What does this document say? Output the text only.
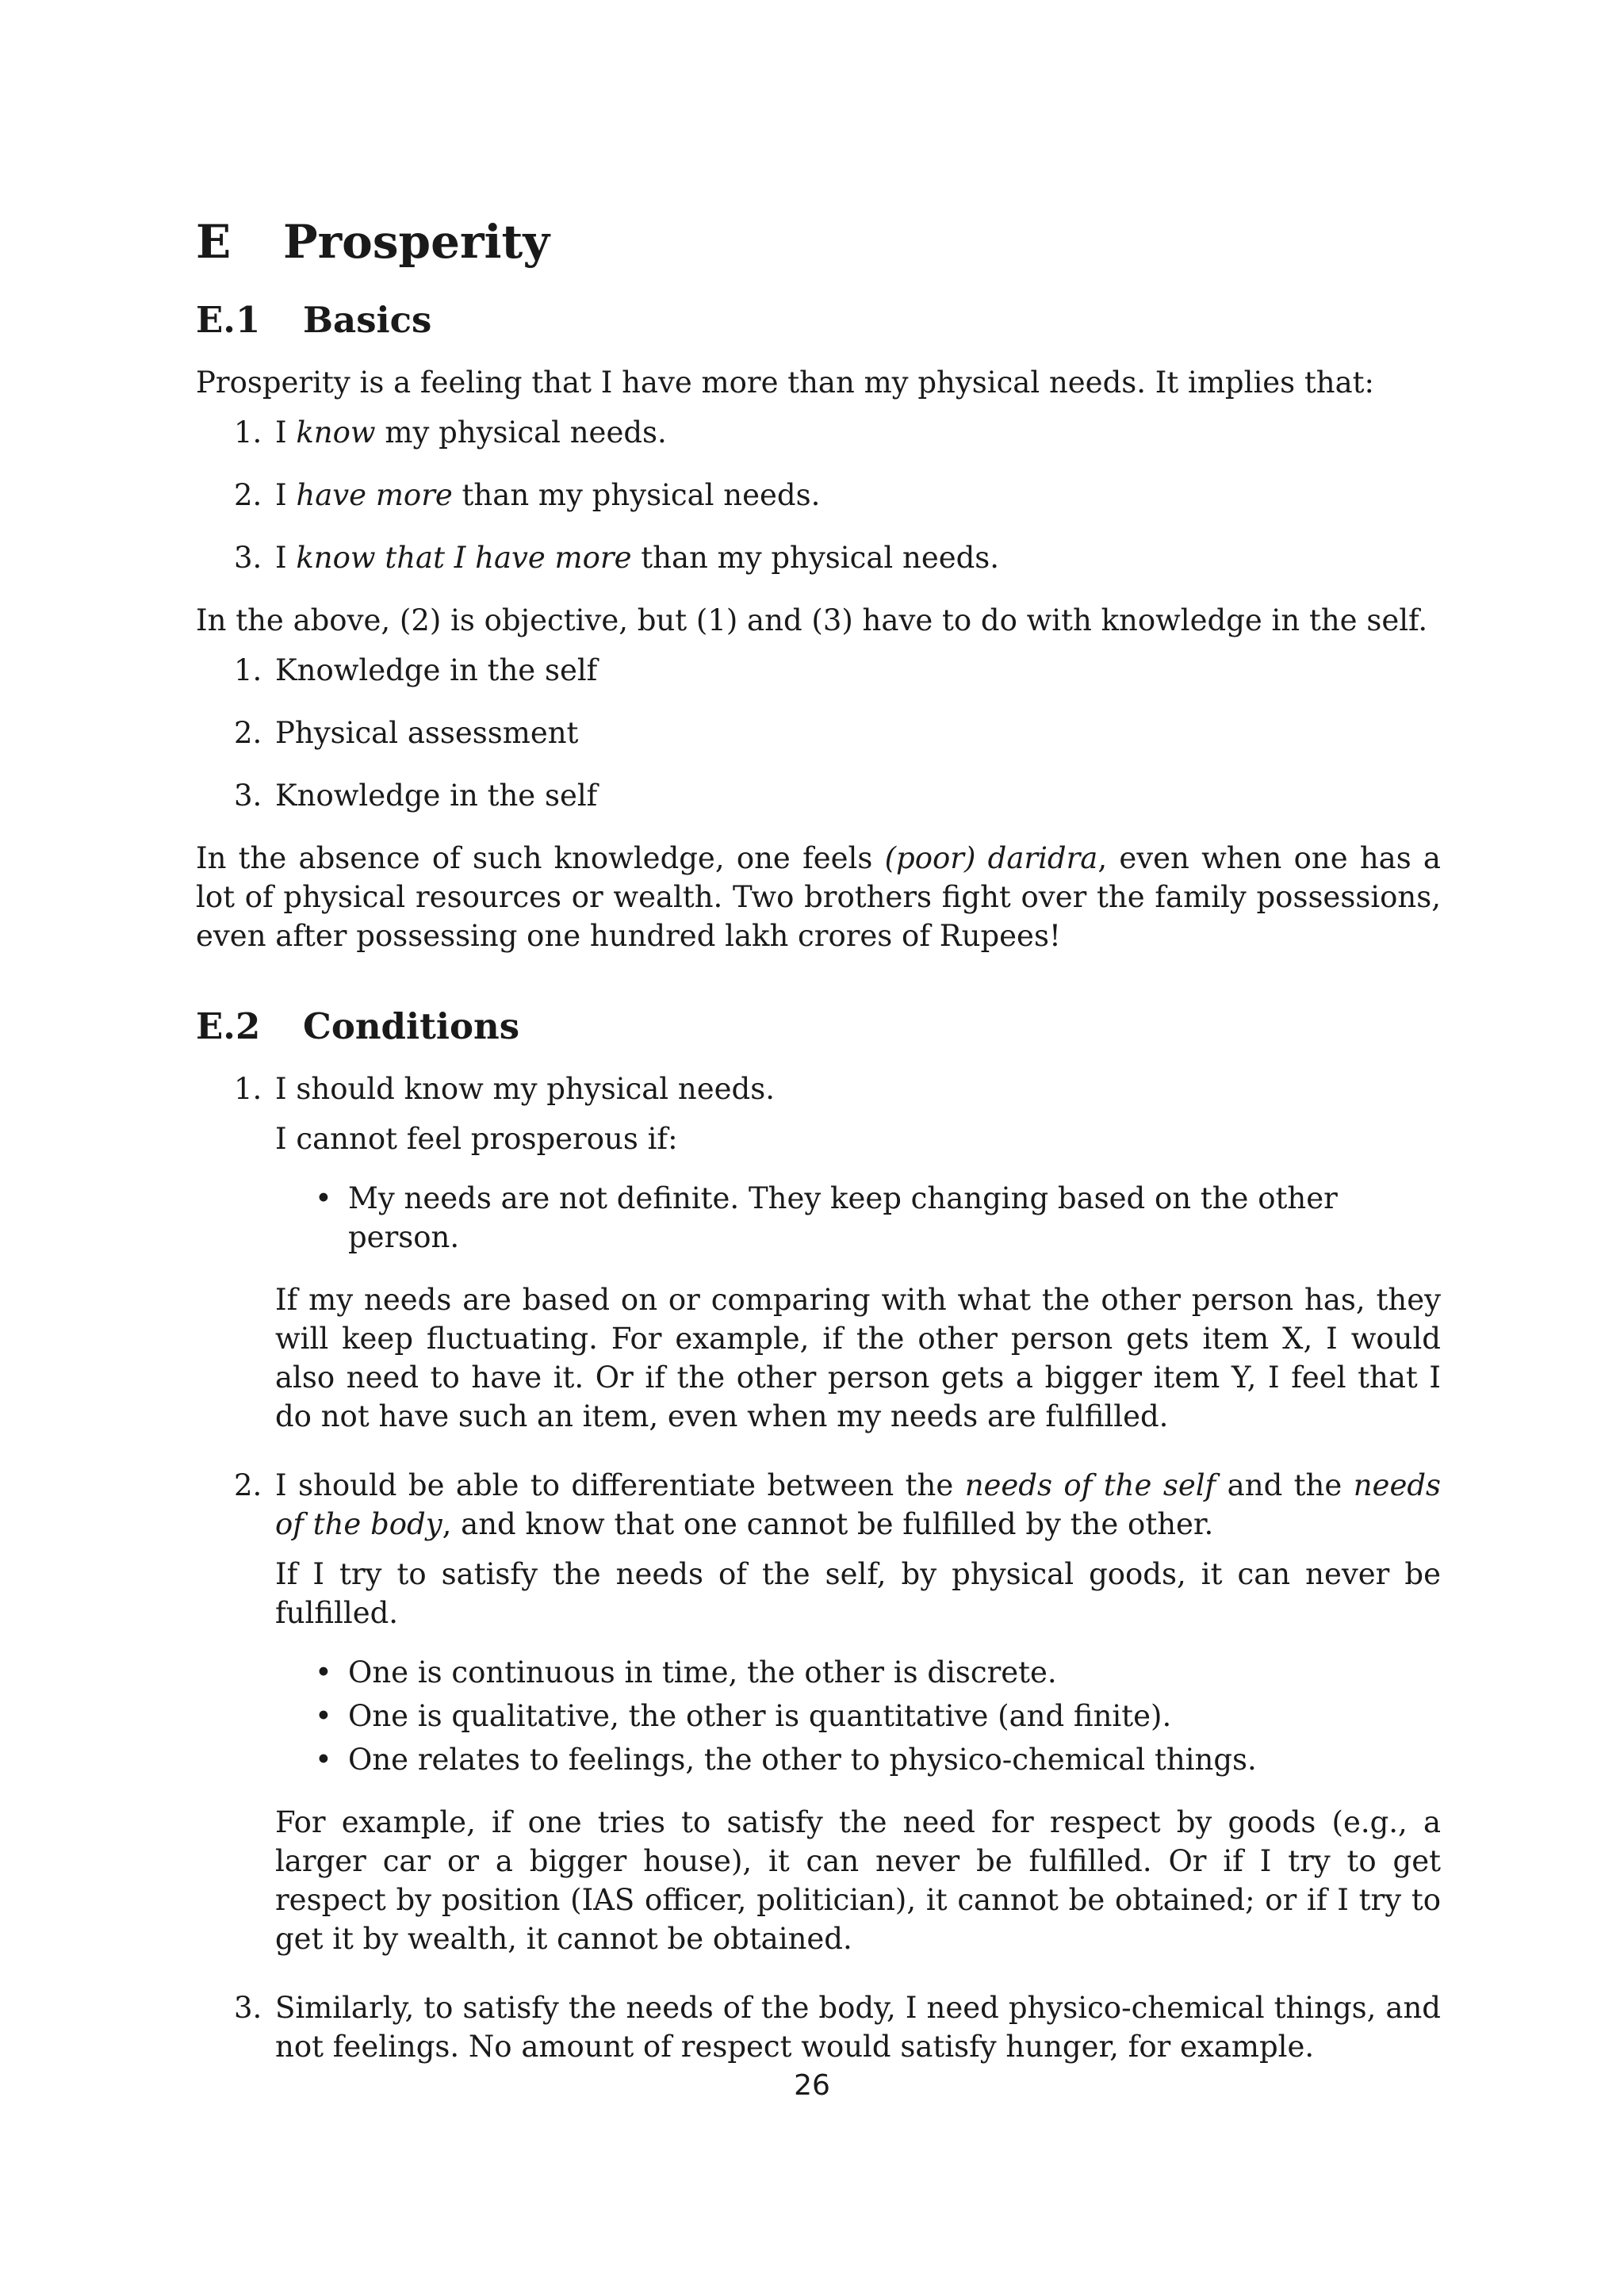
E Prosperity
E.1 Basics

Prosperity is a feeling that I have more than my physical needs. It implies that:

1. I know my physical needs.
2. I have more than my physical needs.
3. I know that I have more than my physical needs.

In the above, (2) is objective, but (1) and (3) have to do with knowledge in the self.

1. Knowledge in the self
2. Physical assessment
3. Knowledge in the self

In the absence of such knowledge, one feels (poor) daridra, even when one has a lot of physical resources or wealth. Two brothers fight over the family possessions, even after possessing one hundred lakh crores of Rupees!

E.2 Conditions
1. I should know my physical needs.

I cannot feel prosperous if:

• My needs are not definite. They keep changing based on the other person.

If my needs are based on or comparing with what the other person has, they will keep fluctuating. For example, if the other person gets item X, I would also need to have it. Or if the other person gets a bigger item Y, I feel that I do not have such an item, even when my needs are fulfilled.

2. I should be able to differentiate between the needs of the self and the needs of the body, and know that one cannot be fulfilled by the other.

If I try to satisfy the needs of the self, by physical goods, it can never be fulfilled.

• One is continuous in time, the other is discrete.
• One is qualitative, the other is quantitative (and finite).
• One relates to feelings, the other to physico-chemical things.

For example, if one tries to satisfy the need for respect by goods (e.g., a larger car or a bigger house), it can never be fulfilled. Or if I try to get respect by position (IAS officer, politician), it cannot be obtained; or if I try to get it by wealth, it cannot be obtained.

3. Similarly, to satisfy the needs of the body, I need physico-chemical things, and not feelings. No amount of respect would satisfy hunger, for example.

26
